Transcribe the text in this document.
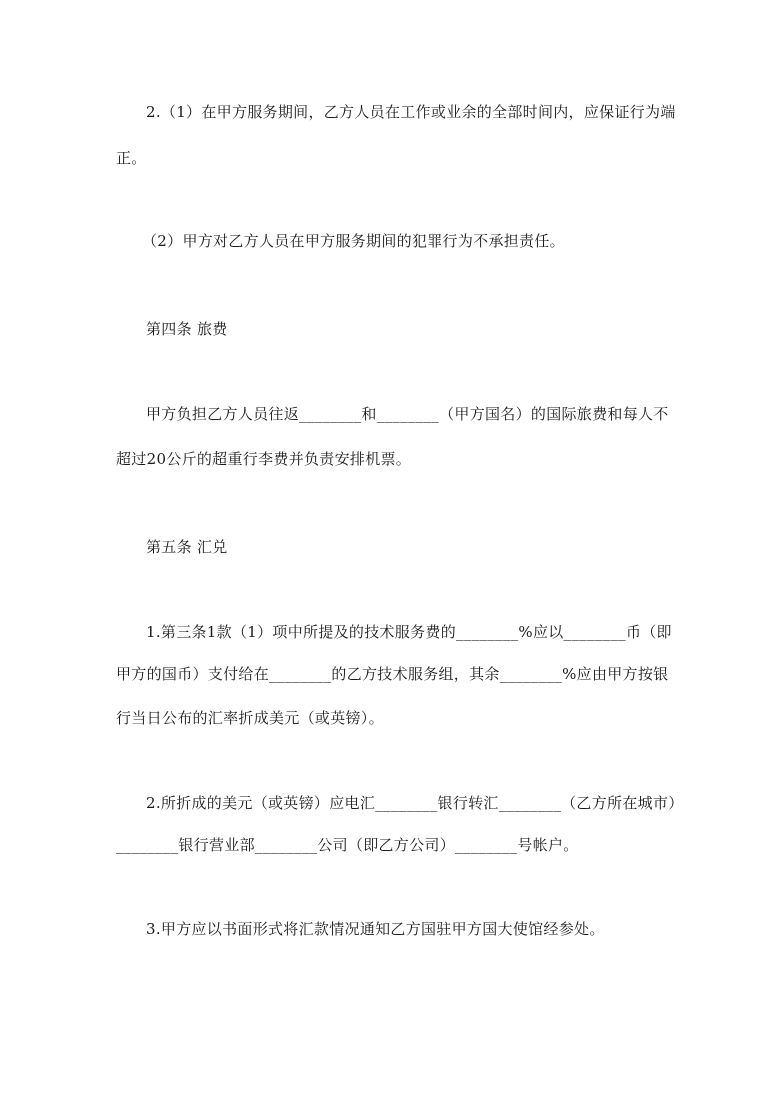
2.（1）在甲方服务期间，乙方人员在工作或业余的全部时间内，应保证行为端
正。
（2）甲方对乙方人员在甲方服务期间的犯罪行为不承担责任。
第四条 旅费
甲方负担乙方人员往返________和________（甲方国名）的国际旅费和每人不
超过20公斤的超重行李费并负责安排机票。
第五条 汇兑
1.第三条1款（1）项中所提及的技术服务费的________%应以________币（即
甲方的国币）支付给在________的乙方技术服务组，其余________%应由甲方按银
行当日公布的汇率折成美元（或英镑）。
2.所折成的美元（或英镑）应电汇________银行转汇________（乙方所在城市）
________银行营业部________公司（即乙方公司）________号帐户。
3.甲方应以书面形式将汇款情况通知乙方国驻甲方国大使馆经参处。
